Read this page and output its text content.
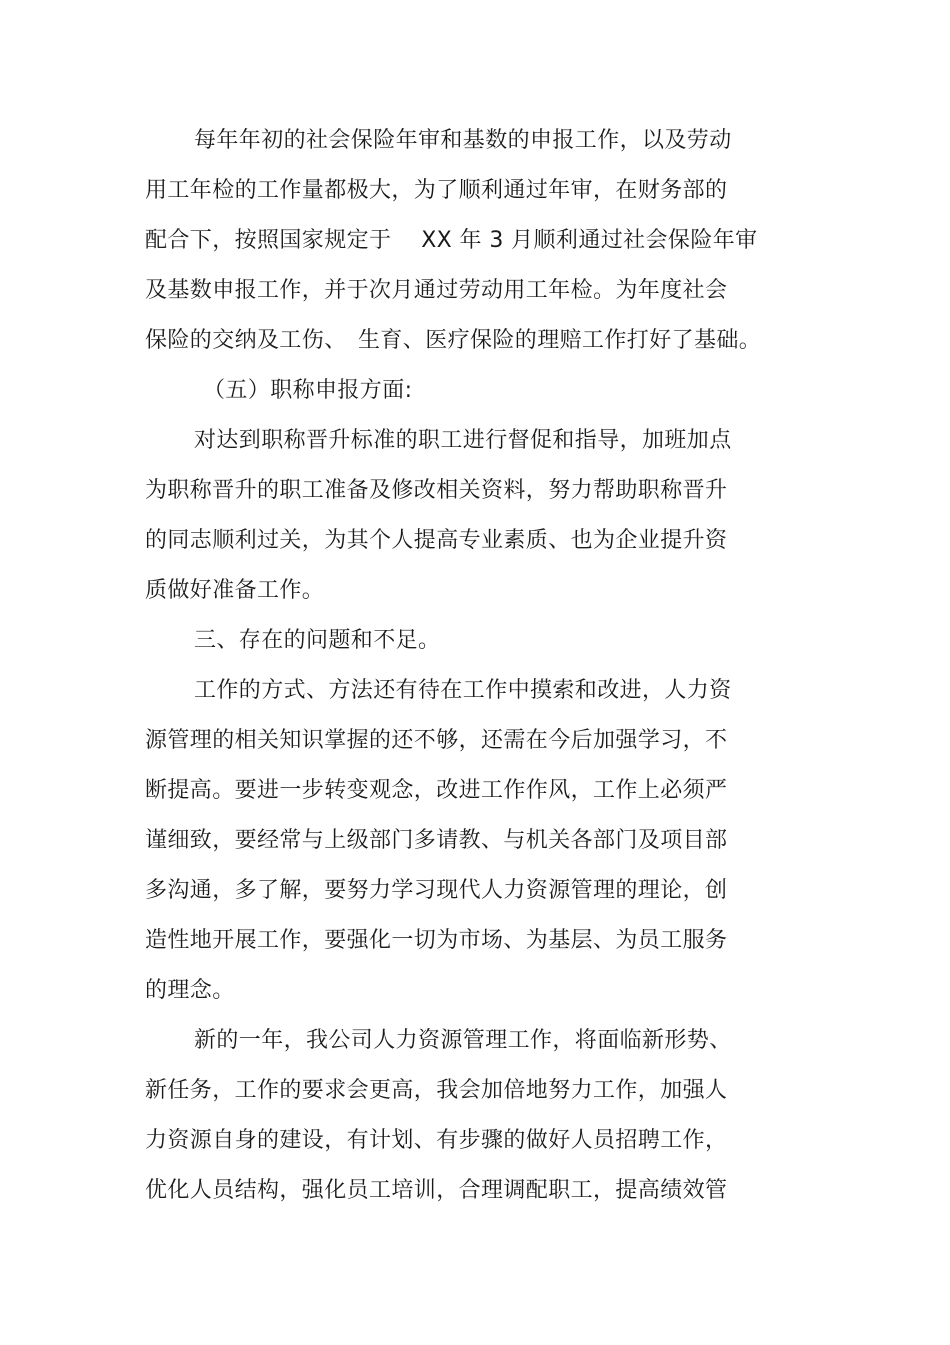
每年年初的社会保险年审和基数的申报工作，以及劳动
用工年检的工作量都极大，为了顺利通过年审，在财务部的
配合下，按照国家规定于　 XX 年 3 月顺利通过社会保险年审
及基数申报工作，并于次月通过劳动用工年检。为年度社会
保险的交纳及工伤、　生育、医疗保险的理赔工作打好了基础。
（五）职称申报方面:
对达到职称晋升标准的职工进行督促和指导，加班加点
为职称晋升的职工准备及修改相关资料，努力帮助职称晋升
的同志顺利过关，为其个人提高专业素质、也为企业提升资
质做好准备工作。
三、存在的问题和不足。
工作的方式、方法还有待在工作中摸索和改进，人力资
源管理的相关知识掌握的还不够，还需在今后加强学习，不
断提高。要进一步转变观念，改进工作作风，工作上必须严
谨细致，要经常与上级部门多请教、与机关各部门及项目部
多沟通，多了解，要努力学习现代人力资源管理的理论，创
造性地开展工作，要强化一切为市场、为基层、为员工服务
的理念。
新的一年，我公司人力资源管理工作，将面临新形势、
新任务，工作的要求会更高，我会加倍地努力工作，加强人
力资源自身的建设，有计划、有步骤的做好人员招聘工作，
优化人员结构，强化员工培训，合理调配职工，提高绩效管
